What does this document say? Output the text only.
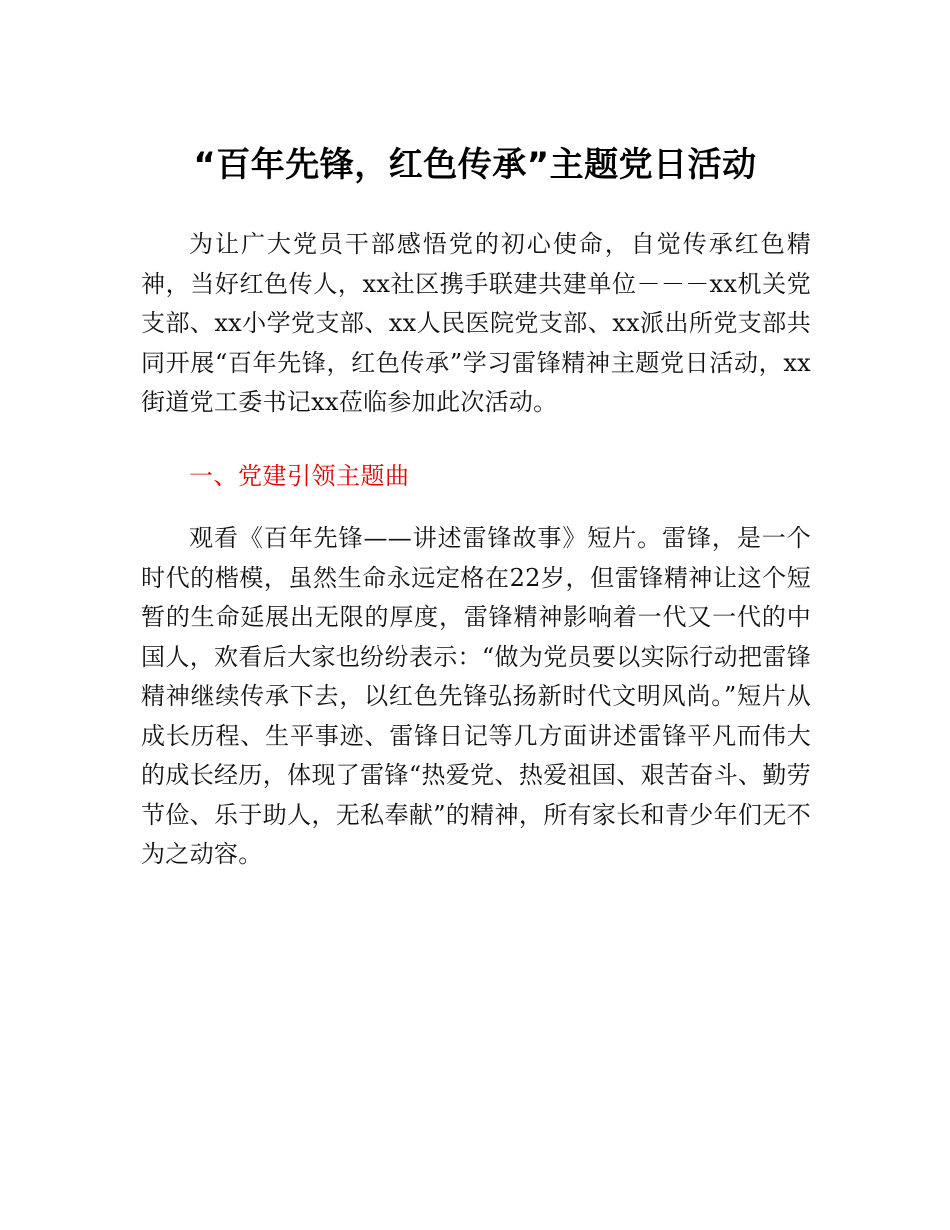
“百年先锋，红色传承”主题党日活动
为让广大党员干部感悟党的初心使命，自觉传承红色精神，当好红色传人，xx社区携手联建共建单位－－－xx机关党支部、xx小学党支部、xx人民医院党支部、xx派出所党支部共同开展“百年先锋，红色传承”学习雷锋精神主题党日活动，xx街道党工委书记xx莅临参加此次活动。
一、党建引领主题曲
观看《百年先锋——讲述雷锋故事》短片。雷锋，是一个时代的楷模，虽然生命永远定格在22岁，但雷锋精神让这个短暂的生命延展出无限的厚度，雷锋精神影响着一代又一代的中国人，欢看后大家也纷纷表示：“做为党员要以实际行动把雷锋精神继续传承下去，以红色先锋弘扬新时代文明风尚。”短片从成长历程、生平事迹、雷锋日记等几方面讲述雷锋平凡而伟大的成长经历，体现了雷锋“热爱党、热爱祖国、艰苦奋斗、勤劳节俭、乐于助人，无私奉献”的精神，所有家长和青少年们无不为之动容。
